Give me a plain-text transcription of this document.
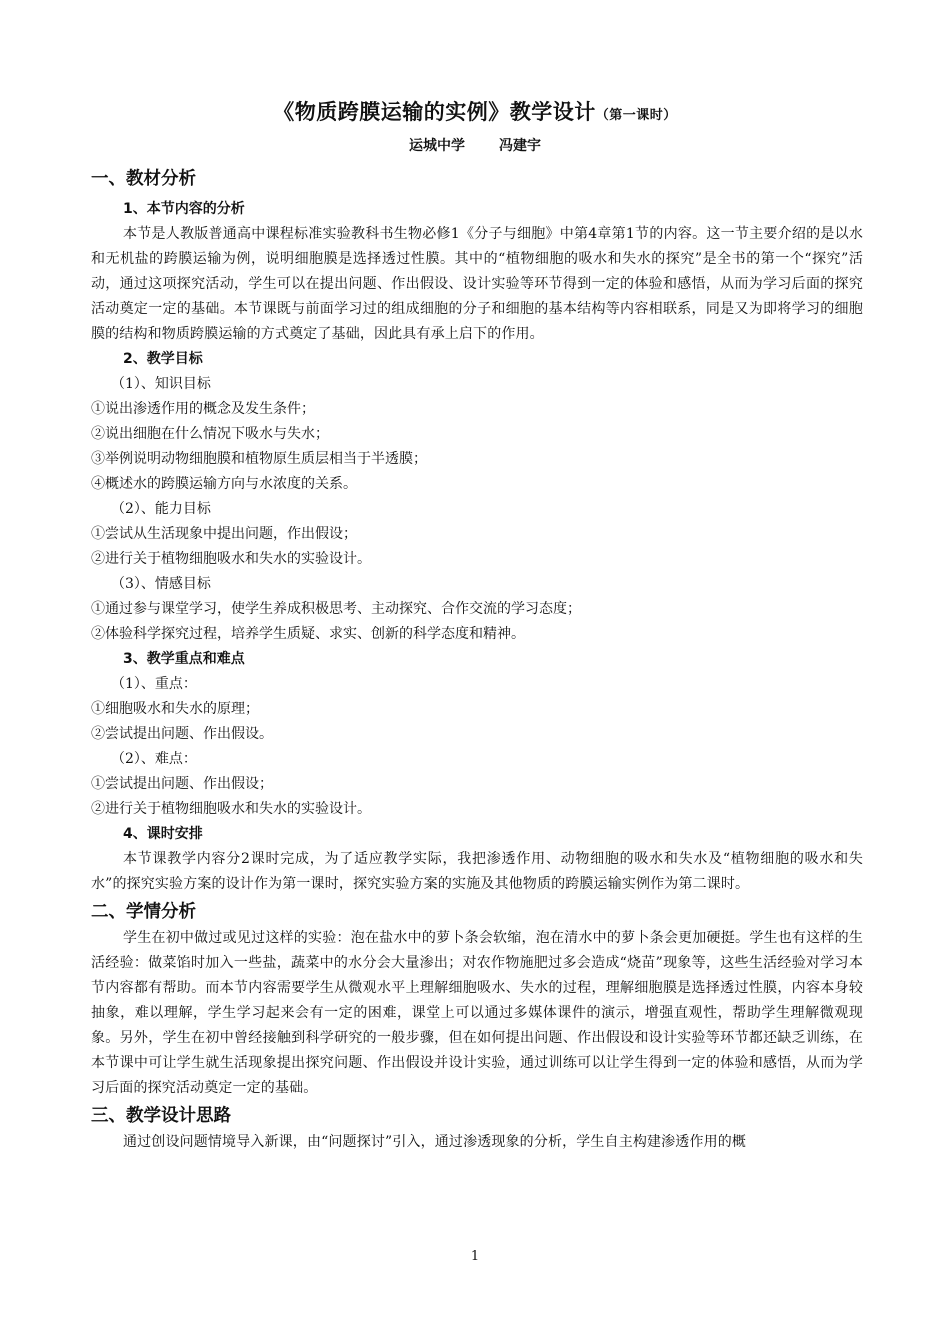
《物质跨膜运输的实例》教学设计（第一课时）
运城中学 冯建宇

一、教材分析

1、本节内容的分析

本节是人教版普通高中课程标准实验教科书生物必修1《分子与细胞》中第4章第1节的内容。这一节主要介绍的是以水和无机盐的跨膜运输为例，说明细胞膜是选择透过性膜。其中的“植物细胞的吸水和失水的探究”是全书的第一个“探究”活动，通过这项探究活动，学生可以在提出问题、作出假设、设计实验等环节得到一定的体验和感悟，从而为学习后面的探究活动奠定一定的基础。本节课既与前面学习过的组成细胞的分子和细胞的基本结构等内容相联系，同是又为即将学习的细胞膜的结构和物质跨膜运输的方式奠定了基础，因此具有承上启下的作用。

2、教学目标

（1）、知识目标

①说出渗透作用的概念及发生条件；

②说出细胞在什么情况下吸水与失水；

③举例说明动物细胞膜和植物原生质层相当于半透膜；

④概述水的跨膜运输方向与水浓度的关系。

（2）、能力目标

①尝试从生活现象中提出问题，作出假设；

②进行关于植物细胞吸水和失水的实验设计。

（3）、情感目标

①通过参与课堂学习，使学生养成积极思考、主动探究、合作交流的学习态度；

②体验科学探究过程，培养学生质疑、求实、创新的科学态度和精神。

3、教学重点和难点

（1）、重点：

①细胞吸水和失水的原理；

②尝试提出问题、作出假设。

（2）、难点：

①尝试提出问题、作出假设；

②进行关于植物细胞吸水和失水的实验设计。

4、课时安排

本节课教学内容分2课时完成，为了适应教学实际，我把渗透作用、动物细胞的吸水和失水及“植物细胞的吸水和失水”的探究实验方案的设计作为第一课时，探究实验方案的实施及其他物质的跨膜运输实例作为第二课时。

二、学情分析

学生在初中做过或见过这样的实验：泡在盐水中的萝卜条会软缩，泡在清水中的萝卜条会更加硬挺。学生也有这样的生活经验：做菜馅时加入一些盐，蔬菜中的水分会大量渗出；对农作物施肥过多会造成“烧苗”现象等，这些生活经验对学习本节内容都有帮助。而本节内容需要学生从微观水平上理解细胞吸水、失水的过程，理解细胞膜是选择透过性膜，内容本身较抽象，难以理解，学生学习起来会有一定的困难，课堂上可以通过多媒体课件的演示，增强直观性，帮助学生理解微观现象。另外，学生在初中曾经接触到科学研究的一般步骤，但在如何提出问题、作出假设和设计实验等环节都还缺乏训练，在本节课中可让学生就生活现象提出探究问题、作出假设并设计实验，通过训练可以让学生得到一定的体验和感悟，从而为学习后面的探究活动奠定一定的基础。

三、教学设计思路

通过创设问题情境导入新课，由“问题探讨”引入，通过渗透现象的分析，学生自主构建渗透作用的概

1
